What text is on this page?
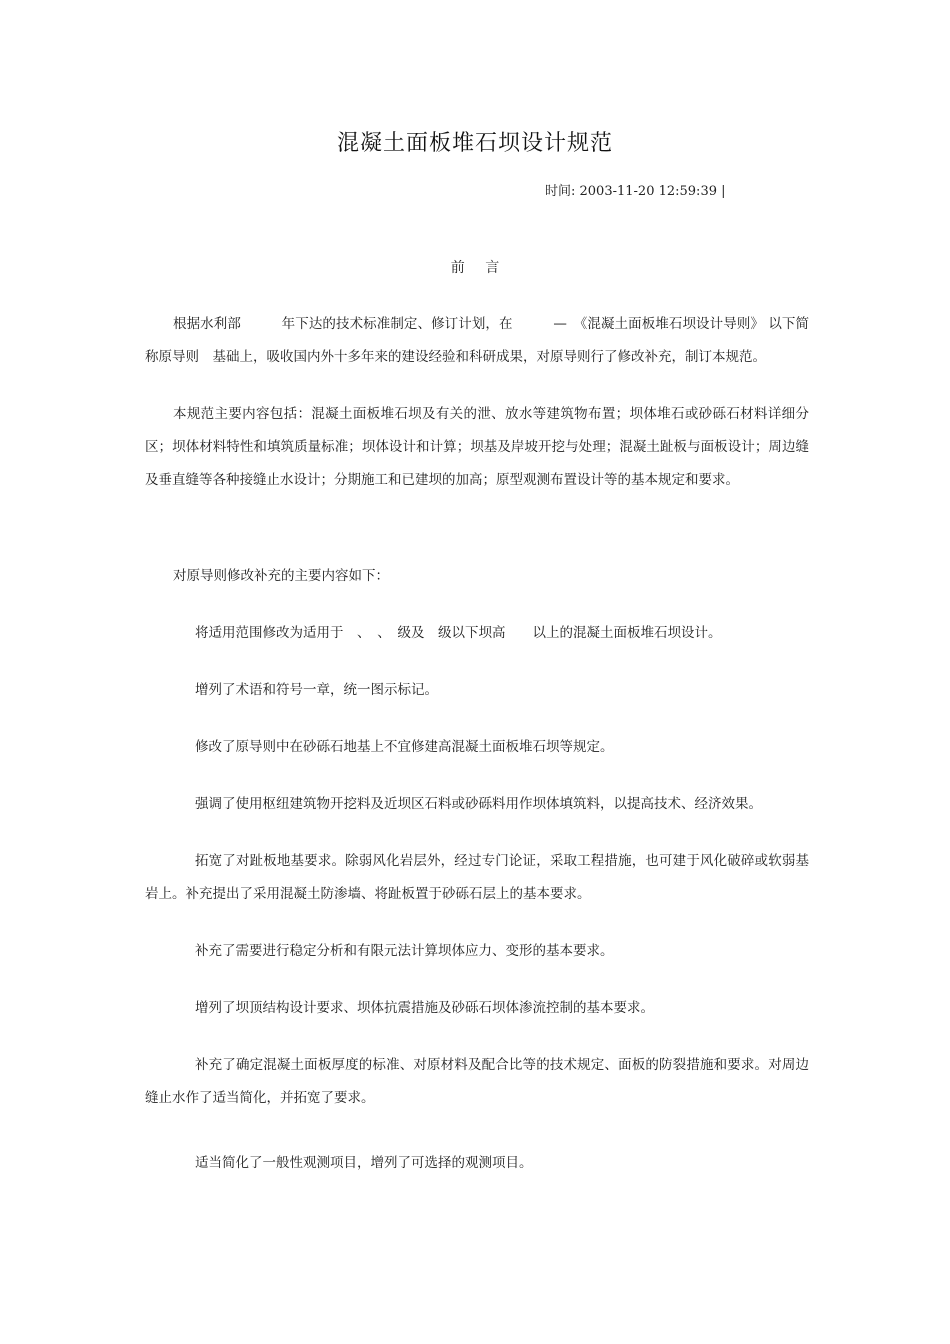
混凝土面板堆石坝设计规范
时间: 2003-11-20 12:59:39 |
前 言

根据水利部　　　年下达的技术标准制定、修订计划，在　　　—　《混凝土面板堆石坝设计导则》 以下简称原导则　基础上，吸收国内外十多年来的建设经验和科研成果，对原导则行了修改补充，制订本规范。

本规范主要内容包括：混凝土面板堆石坝及有关的泄、放水等建筑物布置；坝体堆石或砂砾石材料详细分区；坝体材料特性和填筑质量标准；坝体设计和计算；坝基及岸坡开挖与处理；混凝土趾板与面板设计；周边缝及垂直缝等各种接缝止水设计；分期施工和已建坝的加高；原型观测布置设计等的基本规定和要求。

对原导则修改补充的主要内容如下：

将适用范围修改为适用于　、　、　级及　级以下坝高　　以上的混凝土面板堆石坝设计。

增列了术语和符号一章，统一图示标记。

修改了原导则中在砂砾石地基上不宜修建高混凝土面板堆石坝等规定。

强调了使用枢纽建筑物开挖料及近坝区石料或砂砾料用作坝体填筑料，以提高技术、经济效果。

拓宽了对趾板地基要求。除弱风化岩层外，经过专门论证，采取工程措施，也可建于风化破碎或软弱基岩上。补充提出了采用混凝土防渗墙、将趾板置于砂砾石层上的基本要求。

补充了需要进行稳定分析和有限元法计算坝体应力、变形的基本要求。

增列了坝顶结构设计要求、坝体抗震措施及砂砾石坝体渗流控制的基本要求。

补充了确定混凝土面板厚度的标准、对原材料及配合比等的技术规定、面板的防裂措施和要求。对周边缝止水作了适当简化，并拓宽了要求。

适当简化了一般性观测项目，增列了可选择的观测项目。
